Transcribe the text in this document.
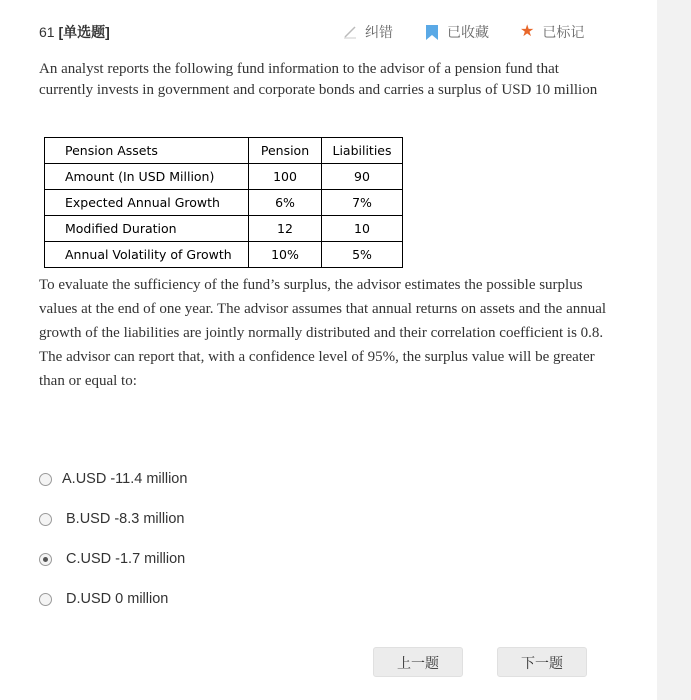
61 [单选题]	纠错	已收藏 ★ 已标记
An analyst reports the following fund information to the advisor of a pension fund that currently invests in government and corporate bonds and carries a surplus of USD 10 million
Pension Assets	Pension	Liabilities
Amount (In USD Million)	100	90
Expected Annual Growth	6%	7%
Modified Duration	12	10
Annual Volatility of Growth	10%	5%
To evaluate the sufficiency of the fund’s surplus, the advisor estimates the possible surplus values at the end of one year. The advisor assumes that annual returns on assets and the annual growth of the liabilities are jointly normally distributed and their correlation coefficient is 0.8. The advisor can report that, with a confidence level of 95%, the surplus value will be greater than or equal to:
A.USD -11.4 million
B.USD -8.3 million
C.USD -1.7 million
D.USD 0 million
上一题	下一题
